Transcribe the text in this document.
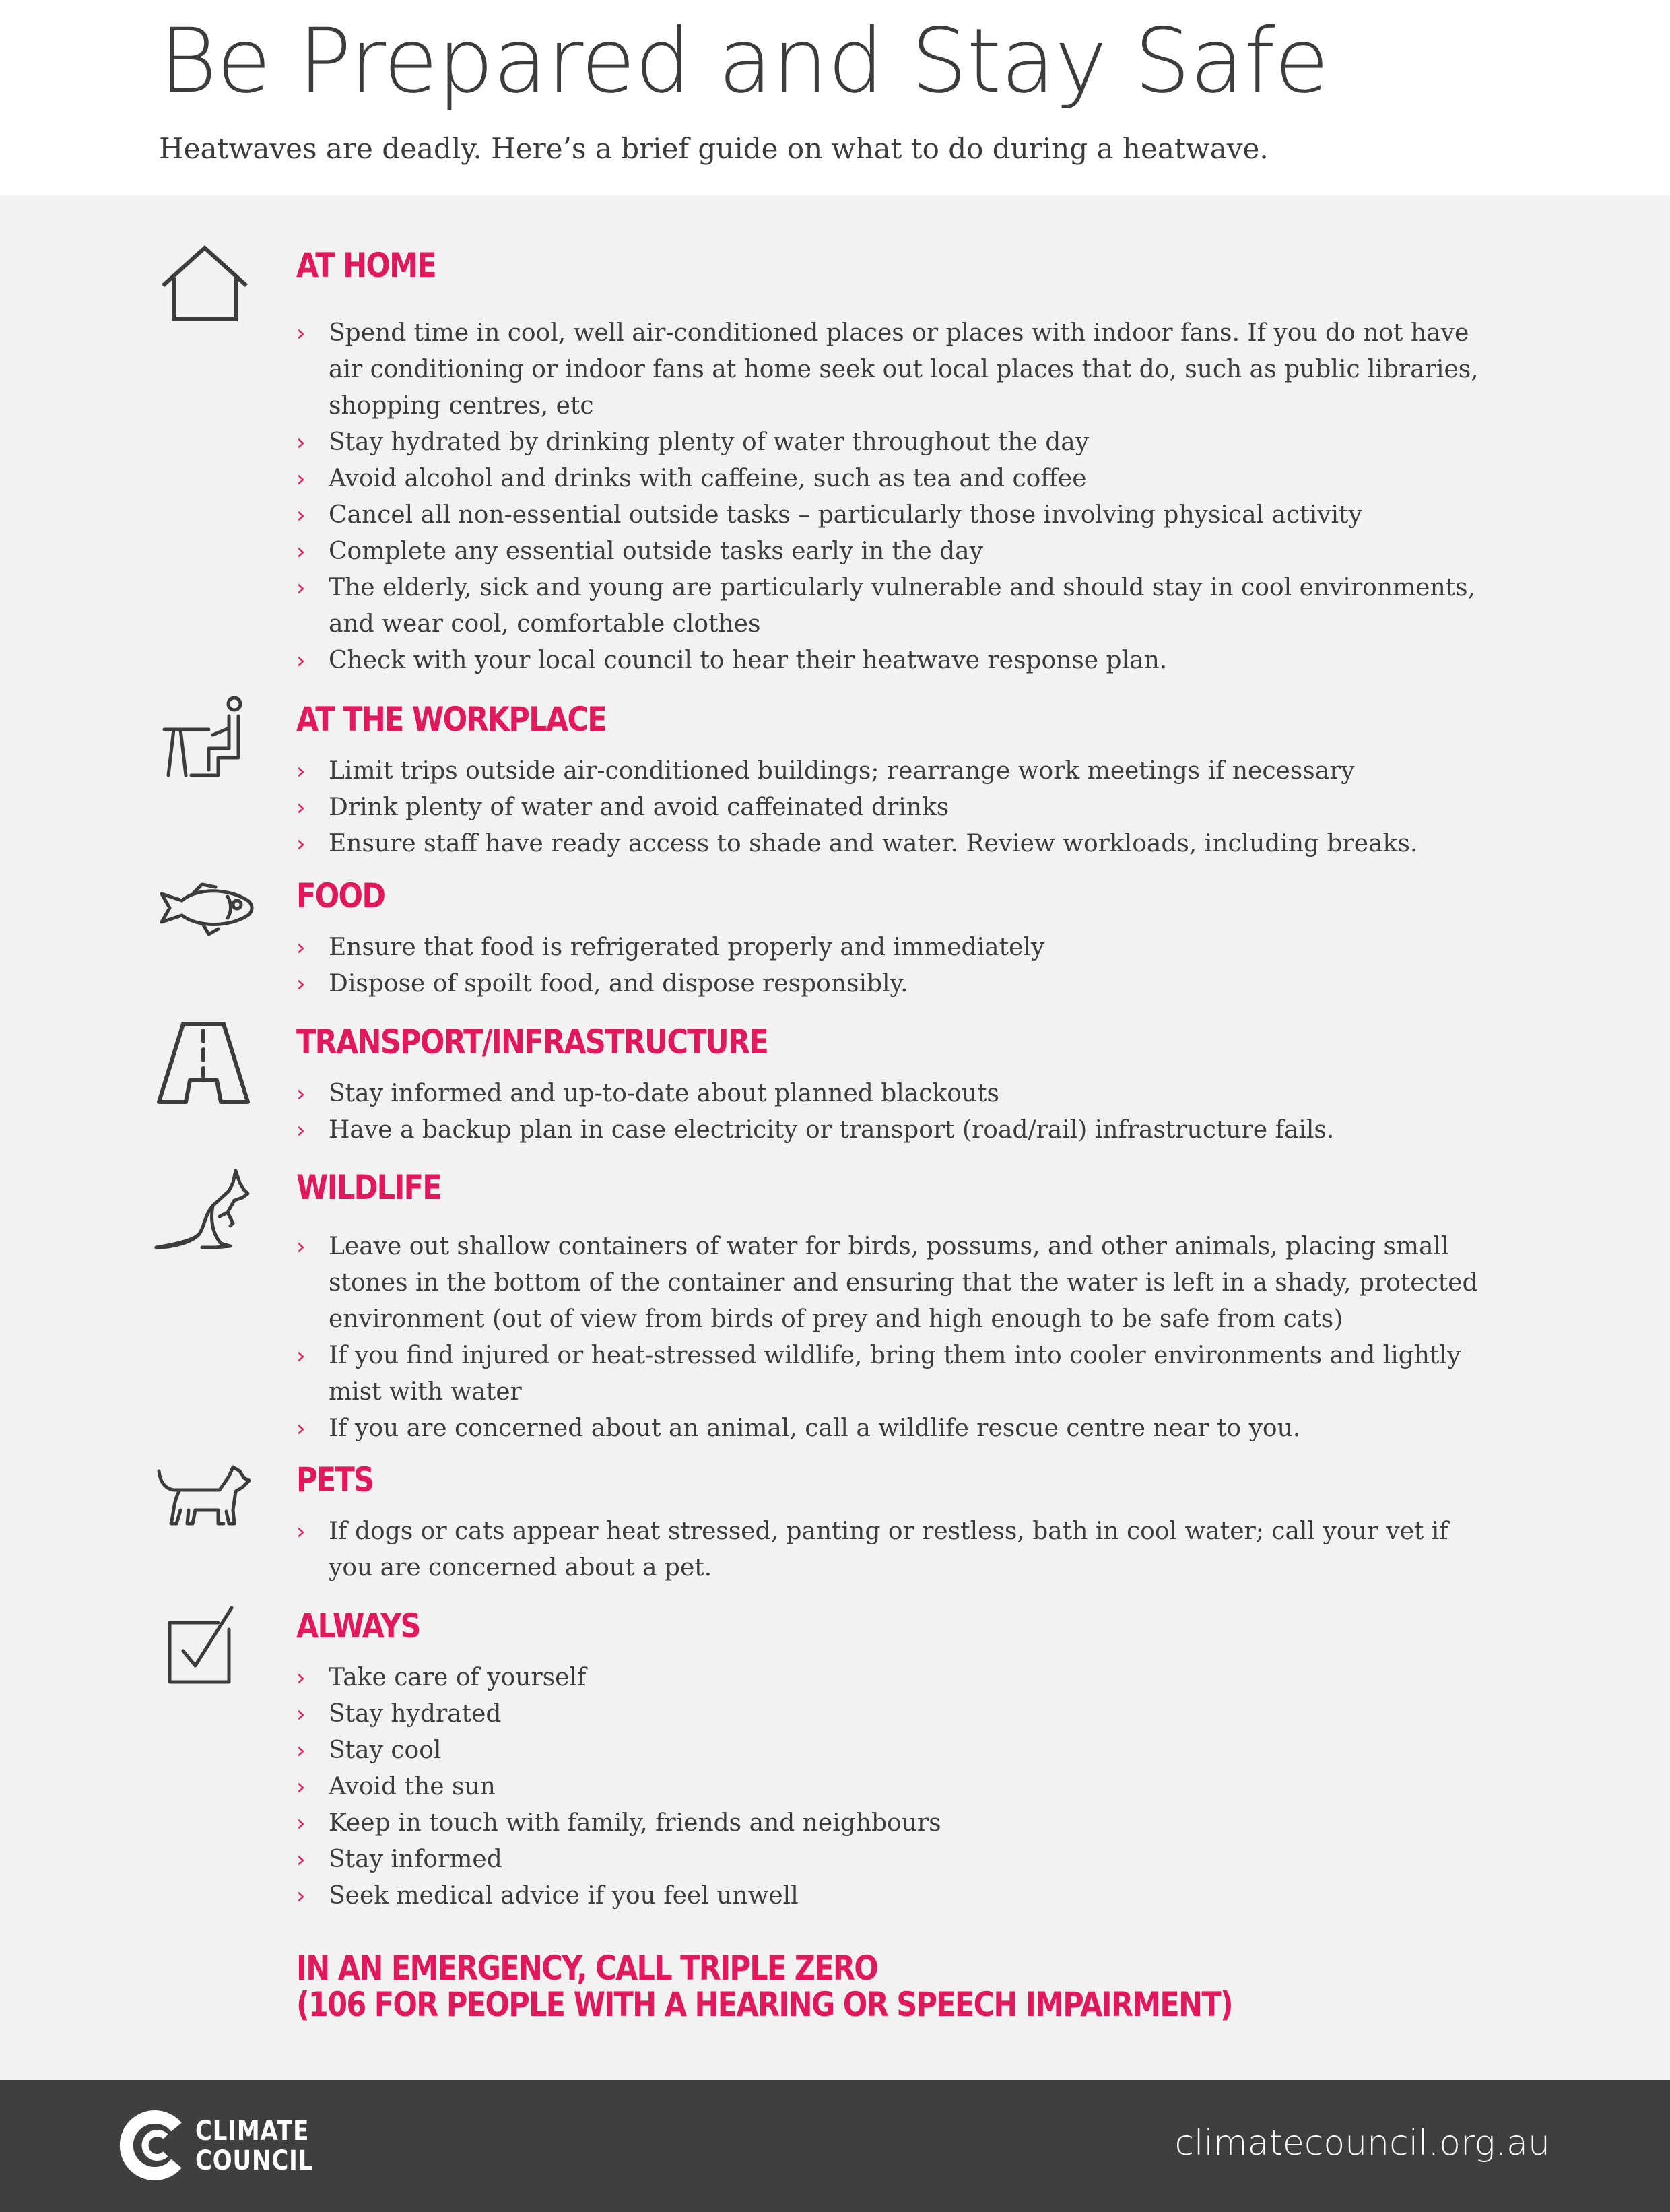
Be Prepared and Stay Safe

Heatwaves are deadly. Here’s a brief guide on what to do during a heatwave.

AT HOME
› Spend time in cool, well air-conditioned places or places with indoor fans. If you do not have air conditioning or indoor fans at home seek out local places that do, such as public libraries, shopping centres, etc
› Stay hydrated by drinking plenty of water throughout the day
› Avoid alcohol and drinks with caffeine, such as tea and coffee
› Cancel all non-essential outside tasks – particularly those involving physical activity
› Complete any essential outside tasks early in the day
› The elderly, sick and young are particularly vulnerable and should stay in cool environments, and wear cool, comfortable clothes
› Check with your local council to hear their heatwave response plan.
AT THE WORKPLACE
› Limit trips outside air-conditioned buildings; rearrange work meetings if necessary
› Drink plenty of water and avoid caffeinated drinks
› Ensure staff have ready access to shade and water. Review workloads, including breaks.
FOOD
› Ensure that food is refrigerated properly and immediately
› Dispose of spoilt food, and dispose responsibly.
TRANSPORT/INFRASTRUCTURE
› Stay informed and up-to-date about planned blackouts
› Have a backup plan in case electricity or transport (road/rail) infrastructure fails.
WILDLIFE
› Leave out shallow containers of water for birds, possums, and other animals, placing small stones in the bottom of the container and ensuring that the water is left in a shady, protected environment (out of view from birds of prey and high enough to be safe from cats)
› If you find injured or heat-stressed wildlife, bring them into cooler environments and lightly mist with water
› If you are concerned about an animal, call a wildlife rescue centre near to you.
PETS
› If dogs or cats appear heat stressed, panting or restless, bath in cool water; call your vet if you are concerned about a pet.
ALWAYS
› Take care of yourself
› Stay hydrated
› Stay cool
› Avoid the sun
› Keep in touch with family, friends and neighbours
› Stay informed
› Seek medical advice if you feel unwell
IN AN EMERGENCY, CALL TRIPLE ZERO
(106 FOR PEOPLE WITH A HEARING OR SPEECH IMPAIRMENT)
CLIMATE
COUNCIL	climatecouncil.org.au
